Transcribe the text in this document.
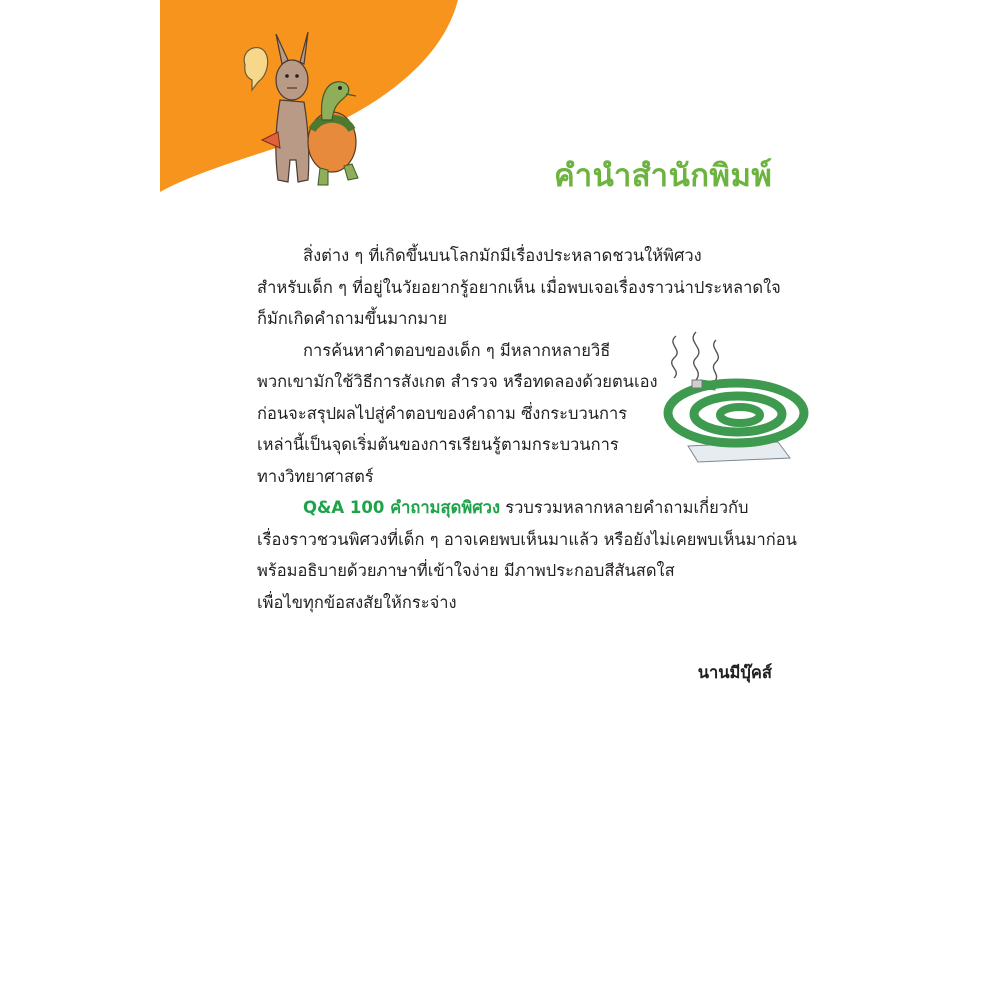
คำนำสำนักพิมพ์
สิ่งต่าง ๆ ที่เกิดขึ้นบนโลกมักมีเรื่องประหลาดชวนให้พิศวง
สำหรับเด็ก ๆ ที่อยู่ในวัยอยากรู้อยากเห็น เมื่อพบเจอเรื่องราวน่าประหลาดใจ
ก็มักเกิดคำถามขึ้นมากมาย
การค้นหาคำตอบของเด็ก ๆ มีหลากหลายวิธี
พวกเขามักใช้วิธีการสังเกต สำรวจ หรือทดลองด้วยตนเอง
ก่อนจะสรุปผลไปสู่คำตอบของคำถาม ซึ่งกระบวนการ
เหล่านี้เป็นจุดเริ่มต้นของการเรียนรู้ตามกระบวนการ
ทางวิทยาศาสตร์
Q&A 100 คำถามสุดพิศวง รวบรวมหลากหลายคำถามเกี่ยวกับ
เรื่องราวชวนพิศวงที่เด็ก ๆ อาจเคยพบเห็นมาแล้ว หรือยังไม่เคยพบเห็นมาก่อน
พร้อมอธิบายด้วยภาษาที่เข้าใจง่าย มีภาพประกอบสีสันสดใส
เพื่อไขทุกข้อสงสัยให้กระจ่าง
นานมีบุ๊คส์
